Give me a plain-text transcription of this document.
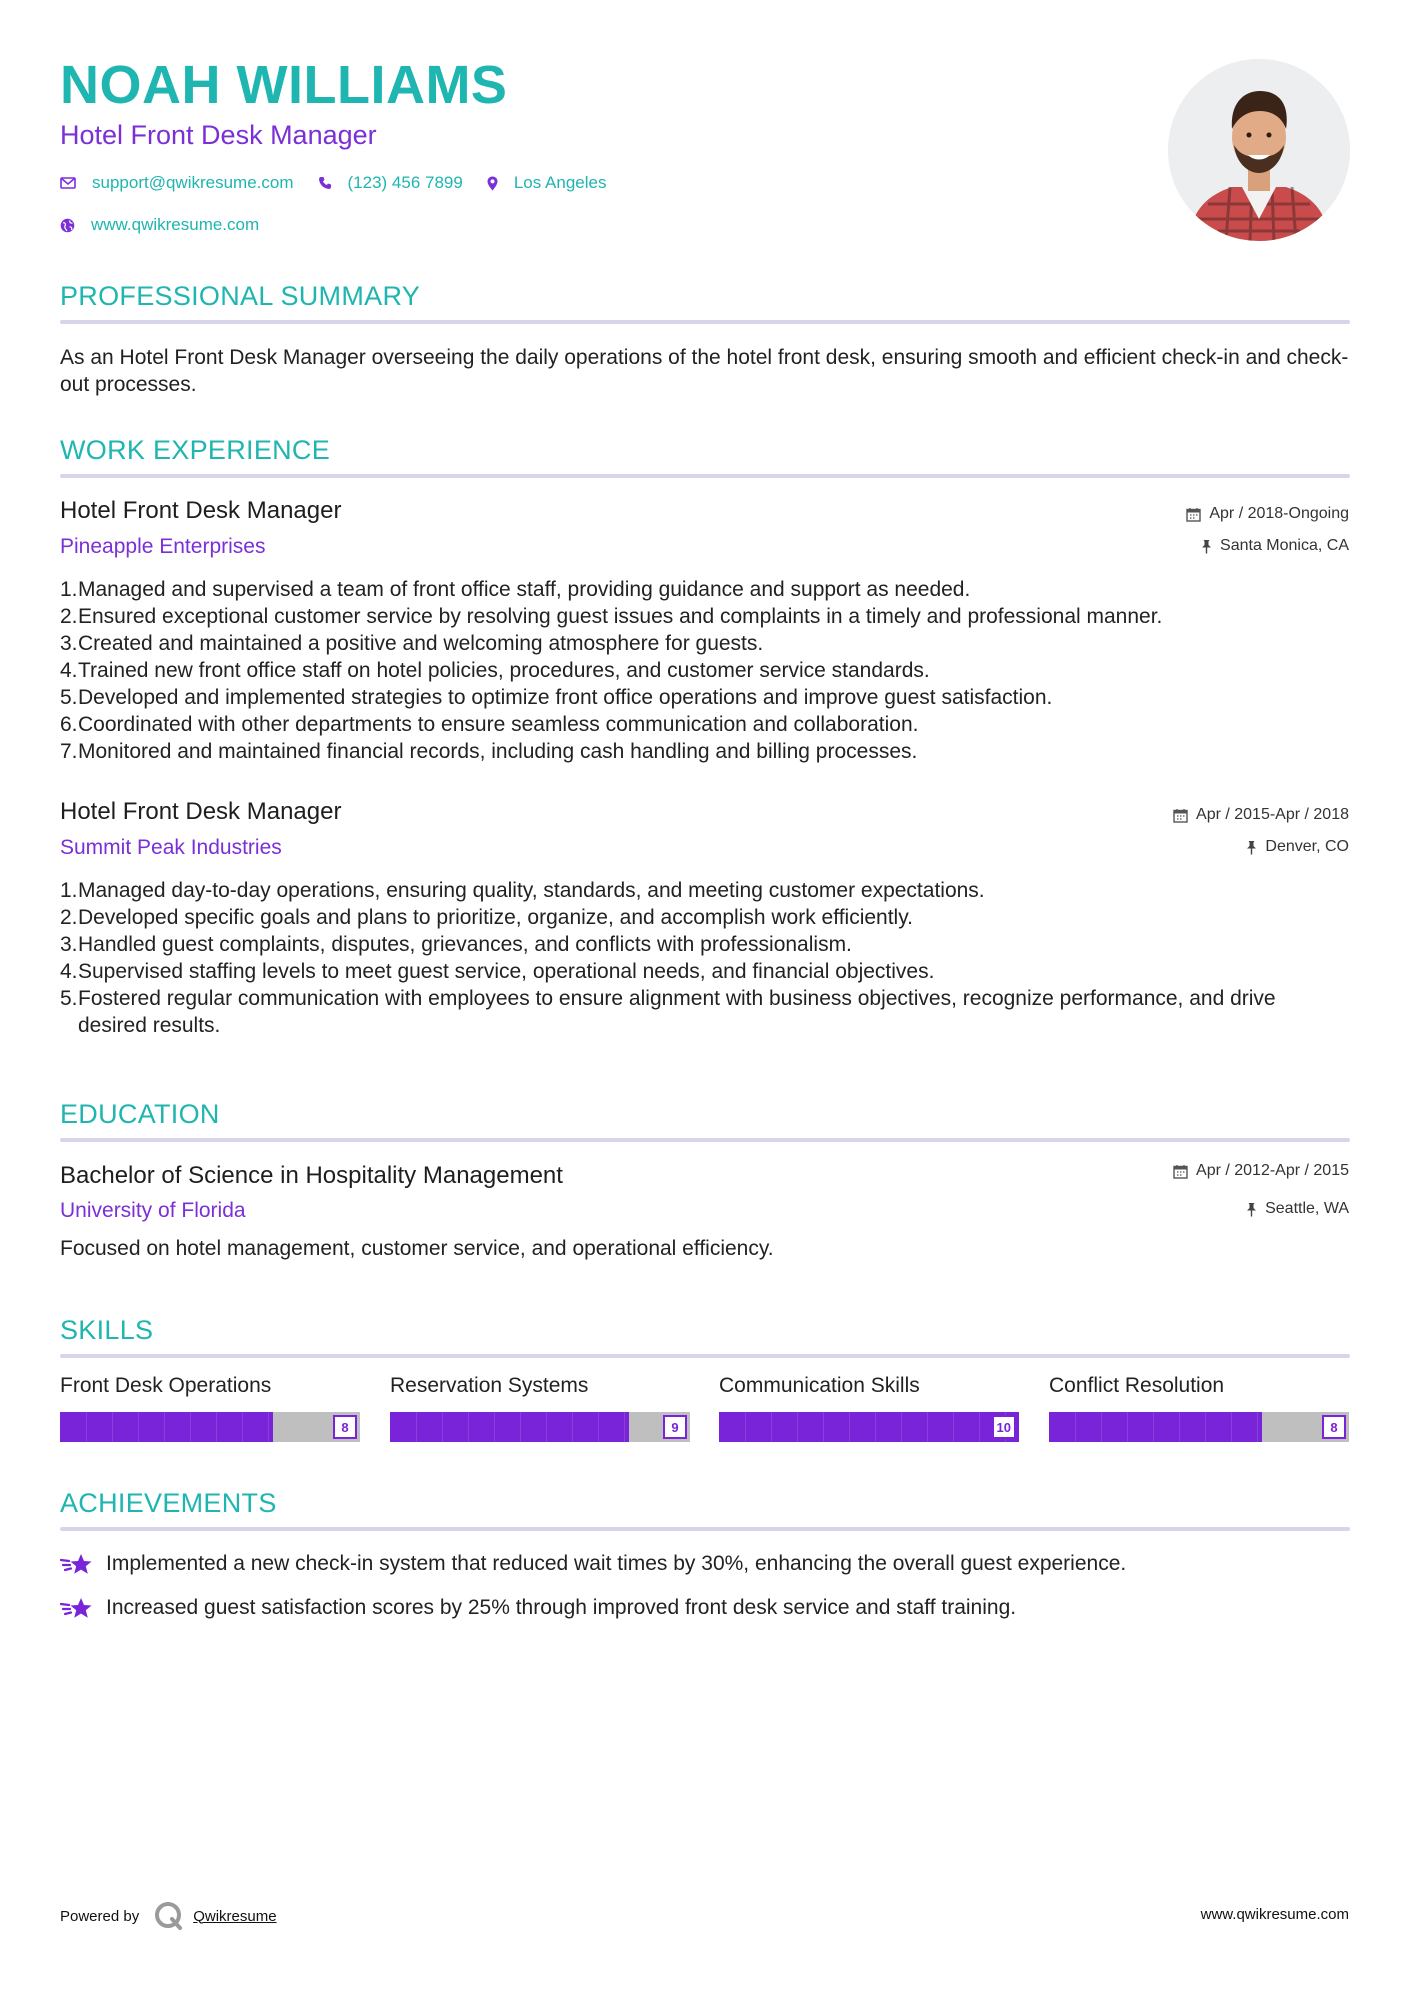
NOAH WILLIAMS
Hotel Front Desk Manager
support@qwikresume.com	(123) 456 7899	Los Angeles
www.qwikresume.com
PROFESSIONAL SUMMARY
As an Hotel Front Desk Manager overseeing the daily operations of the hotel front desk, ensuring smooth and efficient check-in and check-out processes.
WORK EXPERIENCE
Hotel Front Desk Manager	Apr / 2018-Ongoing
Pineapple Enterprises	Santa Monica, CA
1. Managed and supervised a team of front office staff, providing guidance and support as needed.
2. Ensured exceptional customer service by resolving guest issues and complaints in a timely and professional manner.
3. Created and maintained a positive and welcoming atmosphere for guests.
4. Trained new front office staff on hotel policies, procedures, and customer service standards.
5. Developed and implemented strategies to optimize front office operations and improve guest satisfaction.
6. Coordinated with other departments to ensure seamless communication and collaboration.
7. Monitored and maintained financial records, including cash handling and billing processes.
Hotel Front Desk Manager	Apr / 2015-Apr / 2018
Summit Peak Industries	Denver, CO
1. Managed day-to-day operations, ensuring quality, standards, and meeting customer expectations.
2. Developed specific goals and plans to prioritize, organize, and accomplish work efficiently.
3. Handled guest complaints, disputes, grievances, and conflicts with professionalism.
4. Supervised staffing levels to meet guest service, operational needs, and financial objectives.
5. Fostered regular communication with employees to ensure alignment with business objectives, recognize performance, and drive desired results.
EDUCATION
Bachelor of Science in Hospitality Management	Apr / 2012-Apr / 2015
University of Florida	Seattle, WA
Focused on hotel management, customer service, and operational efficiency.
SKILLS
Front Desk Operations
8
Reservation Systems
9
Communication Skills
10
Conflict Resolution
8
ACHIEVEMENTS
Implemented a new check-in system that reduced wait times by 30%, enhancing the overall guest experience.
Increased guest satisfaction scores by 25% through improved front desk service and staff training.
Powered by	Qwikresume	www.qwikresume.com
